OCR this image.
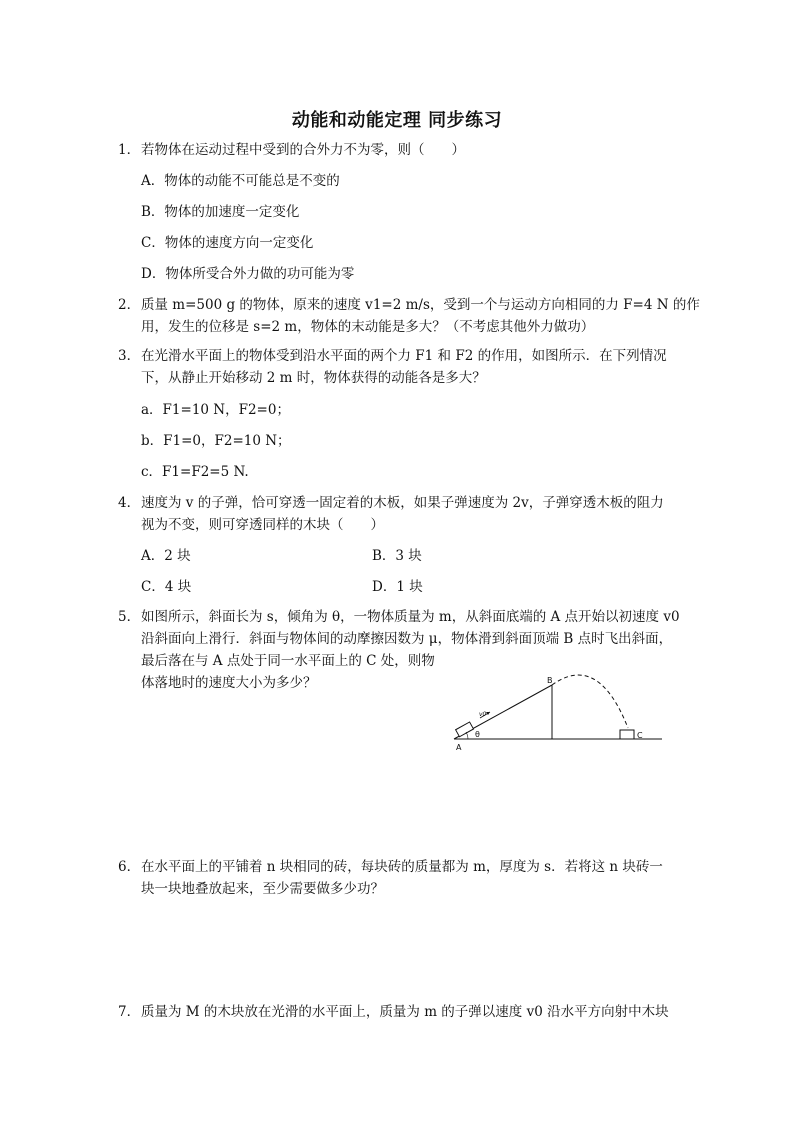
动能和动能定理 同步练习
1． 若物体在运动过程中受到的合外力不为零，则（　　）
A．物体的动能不可能总是不变的
B．物体的加速度一定变化
C．物体的速度方向一定变化
D．物体所受合外力做的功可能为零
2． 质量 m=500 g 的物体，原来的速度 v1=2 m/s，受到一个与运动方向相同的力 F=4 N 的作
用，发生的位移是 s=2 m，物体的末动能是多大？（不考虑其他外力做功）
3． 在光滑水平面上的物体受到沿水平面的两个力 F1 和 F2 的作用，如图所示．在下列情况
下，从静止开始移动 2 m 时，物体获得的动能各是多大？
a．F1=10 N，F2=0；
b．F1=0，F2=10 N；
c．F1=F2=5 N.
4． 速度为 v 的子弹，恰可穿透一固定着的木板，如果子弹速度为 2v，子弹穿透木板的阻力
视为不变，则可穿透同样的木块（　　）
A．2 块	B．3 块
C．4 块	D．1 块
5． 如图所示，斜面长为 s，倾角为 θ，一物体质量为 m，从斜面底端的 A 点开始以初速度 v0
沿斜面向上滑行．斜面与物体间的动摩擦因数为 μ，物体滑到斜面顶端 B 点时飞出斜面，
最后落在与 A 点处于同一水平面上的 C 处，则物
体落地时的速度大小为多少？
A
B
C
θ
v0
6． 在水平面上的平铺着 n 块相同的砖，每块砖的质量都为 m，厚度为 s．若将这 n 块砖一
块一块地叠放起来，至少需要做多少功？
7． 质量为 M 的木块放在光滑的水平面上，质量为 m 的子弹以速度 v0 沿水平方向射中木块
